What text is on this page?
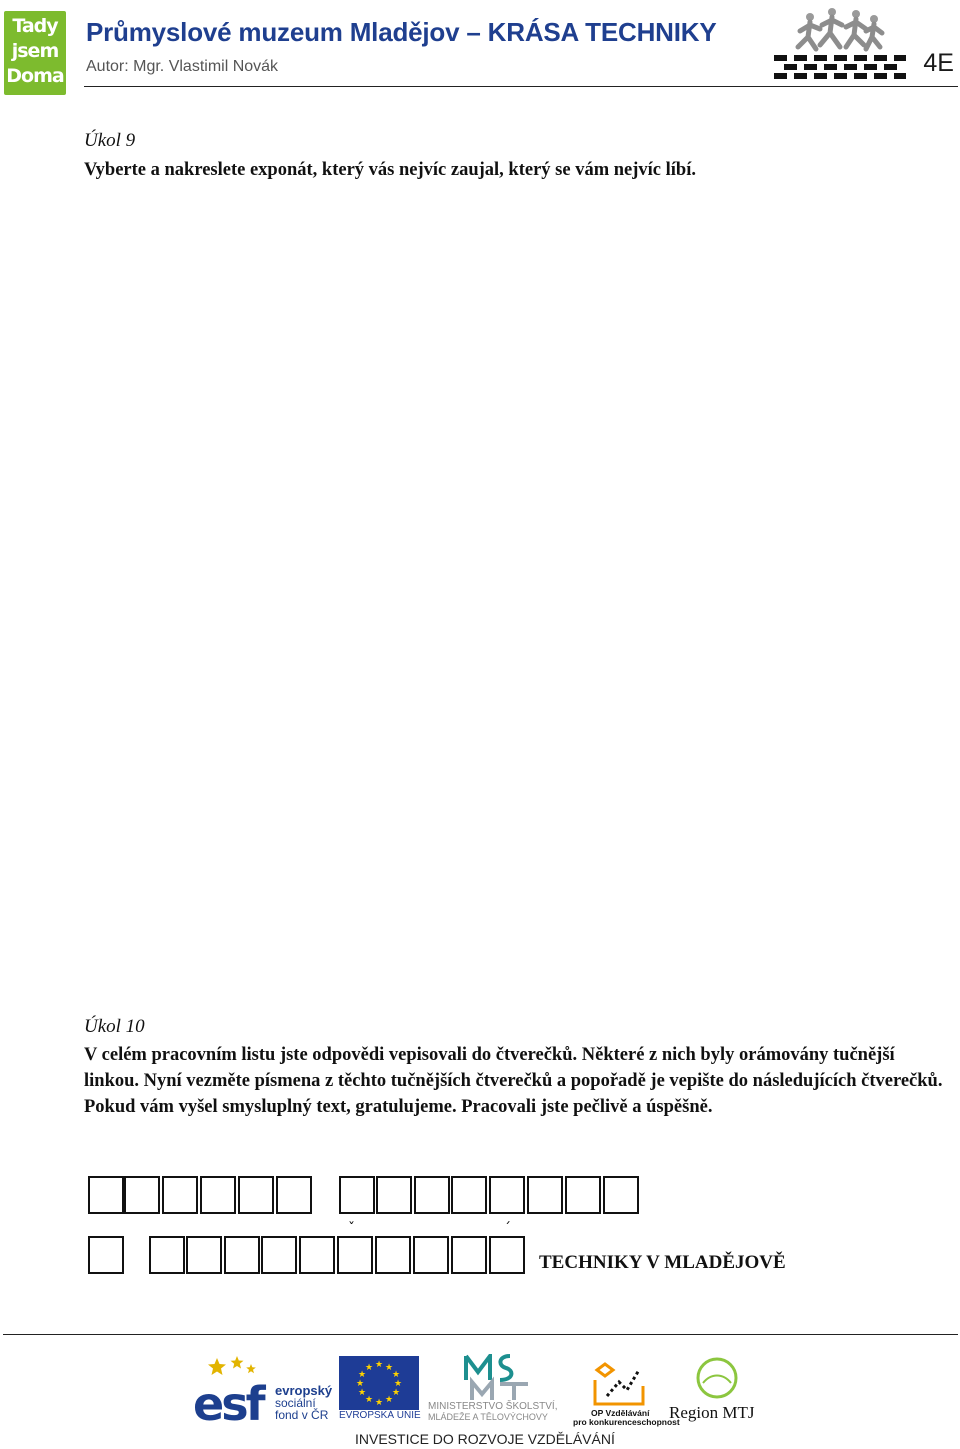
Tady
jsem
Doma
Průmyslové muzeum Mladějov – KRÁSA TECHNIKY
Autor: Mgr. Vlastimil Novák	4E
Úkol 9
Vyberte a nakreslete exponát, který vás nejvíc zaujal, který se vám nejvíc líbí.
Úkol 10

V celém pracovním listu jste odpovědi vepisovali do čtverečků. Některé z nich byly orámovány tučnější linkou. Nyní vezměte písmena z těchto tučnějších čtverečků a popořadě je vepište do následujících čtverečků.

Pokud vám vyšel smysluplný text, gratulujeme. Pracovali jste pečlivě a úspěšně.

ˇ	ˊ
TECHNIKY V MLADĚJOVĚ
esf evropský
sociální
fond v ČR
★ ★
★
★
★
★
★
★
★
★
★
★
EVROPSKÁ UNIE
MINISTERSTVO ŠKOLSTVÍ,
MLÁDEŽE A TĚLOVÝCHOVY	OP Vzdělávání
pro konkurenceschopnost
Region MTJ
INVESTICE DO ROZVOJE VZDĚLÁVÁNÍ
